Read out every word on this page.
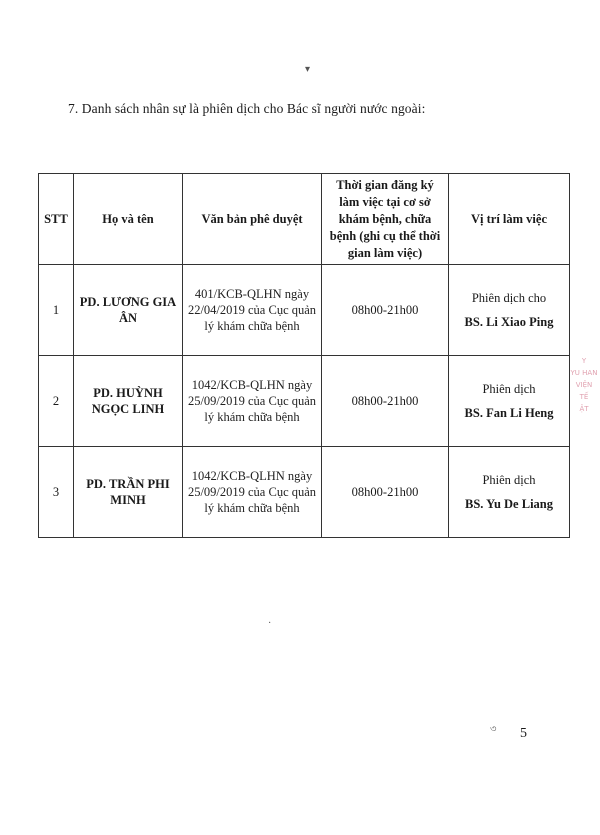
7. Danh sách nhân sự là phiên dịch cho Bác sĩ người nước ngoài:
STT	Họ và tên	Văn bản phê duyệt	Thời gian đăng ký làm việc tại cơ sở khám bệnh, chữa bệnh (ghi cụ thể thời gian làm việc)	Vị trí làm việc
1	PD. LƯƠNG GIA ÂN	401/KCB-QLHN ngày 22/04/2019 của Cục quản lý khám chữa bệnh	08h00-21h00	Phiên dịch cho
BS. Li Xiao Ping

2	PD. HUỲNH NGỌC LINH	1042/KCB-QLHN ngày 25/09/2019 của Cục quản lý khám chữa bệnh	08h00-21h00	Phiên dịch
BS. Fan Li Heng

3	PD. TRẦN PHI MINH	1042/KCB-QLHN ngày 25/09/2019 của Cục quản lý khám chữa bệnh	08h00-21h00	Phiên dịch
BS. Yu De Liang
Y
YU HAN
VIỆN
TẾ
ẬT
▾
·
৩ 5
